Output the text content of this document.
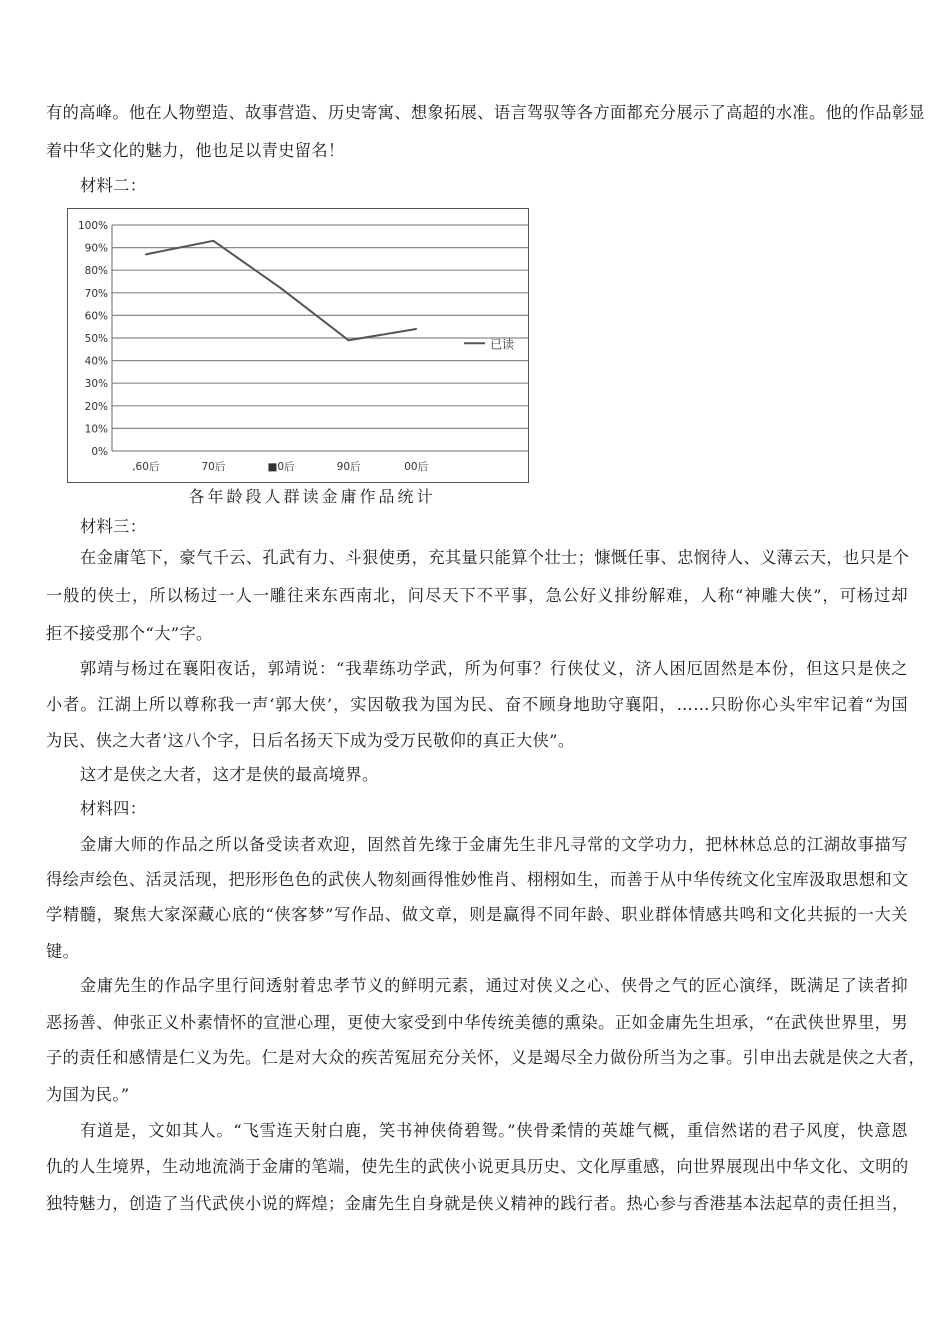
有的高峰。他在人物塑造、故事营造、历史寄寓、想象拓展、语言驾驭等各方面都充分展示了高超的水准。他的作品彰显
着中华文化的魅力，他也足以青史留名！
材料二：
0%
10%
20%
30%
40%
50%
60%
70%
80%
90%
100%
,60后	70后	■0后	90后	00后
已读
各年龄段人群读金庸作品统计
材料三：
在金庸笔下，豪气千云、孔武有力、斗狠使勇，充其量只能算个壮士；慷慨任事、忠悯待人、义薄云天，也只是个
一般的侠士，所以杨过一人一雕往来东西南北，问尽天下不平事，急公好义排纷解难，人称“神雕大侠”，可杨过却
拒不接受那个“大”字。
郭靖与杨过在襄阳夜话，郭靖说：“我辈练功学武，所为何事？行侠仗义，济人困厄固然是本份，但这只是侠之
小者。江湖上所以尊称我一声‘郭大侠’，实因敬我为国为民、奋不顾身地助守襄阳，……只盼你心头牢牢记着“为国
为民、侠之大者’这八个字，日后名扬天下成为受万民敬仰的真正大侠”。
这才是侠之大者，这才是侠的最高境界。
材料四：
金庸大师的作品之所以备受读者欢迎，固然首先缘于金庸先生非凡寻常的文学功力，把林林总总的江湖故事描写
得绘声绘色、活灵活现，把形形色色的武侠人物刻画得惟妙惟肖、栩栩如生，而善于从中华传统文化宝库汲取思想和文
学精髓，聚焦大家深藏心底的“侠客梦”写作品、做文章，则是赢得不同年龄、职业群体情感共鸣和文化共振的一大关
键。
金庸先生的作品字里行间透射着忠孝节义的鲜明元素，通过对侠义之心、侠骨之气的匠心演绎，既满足了读者抑
恶扬善、伸张正义朴素情怀的宣泄心理，更使大家受到中华传统美德的熏染。正如金庸先生坦承，“在武侠世界里，男
子的责任和感情是仁义为先。仁是对大众的疾苦冤屈充分关怀，义是竭尽全力做份所当为之事。引申出去就是侠之大者，
为国为民。”
有道是，文如其人。“飞雪连天射白鹿，笑书神侠倚碧鸳。”侠骨柔情的英雄气概，重信然诺的君子风度，快意恩
仇的人生境界，生动地流淌于金庸的笔端，使先生的武侠小说更具历史、文化厚重感，向世界展现出中华文化、文明的
独特魅力，创造了当代武侠小说的辉煌；金庸先生自身就是侠义精神的践行者。热心参与香港基本法起草的责任担当，
